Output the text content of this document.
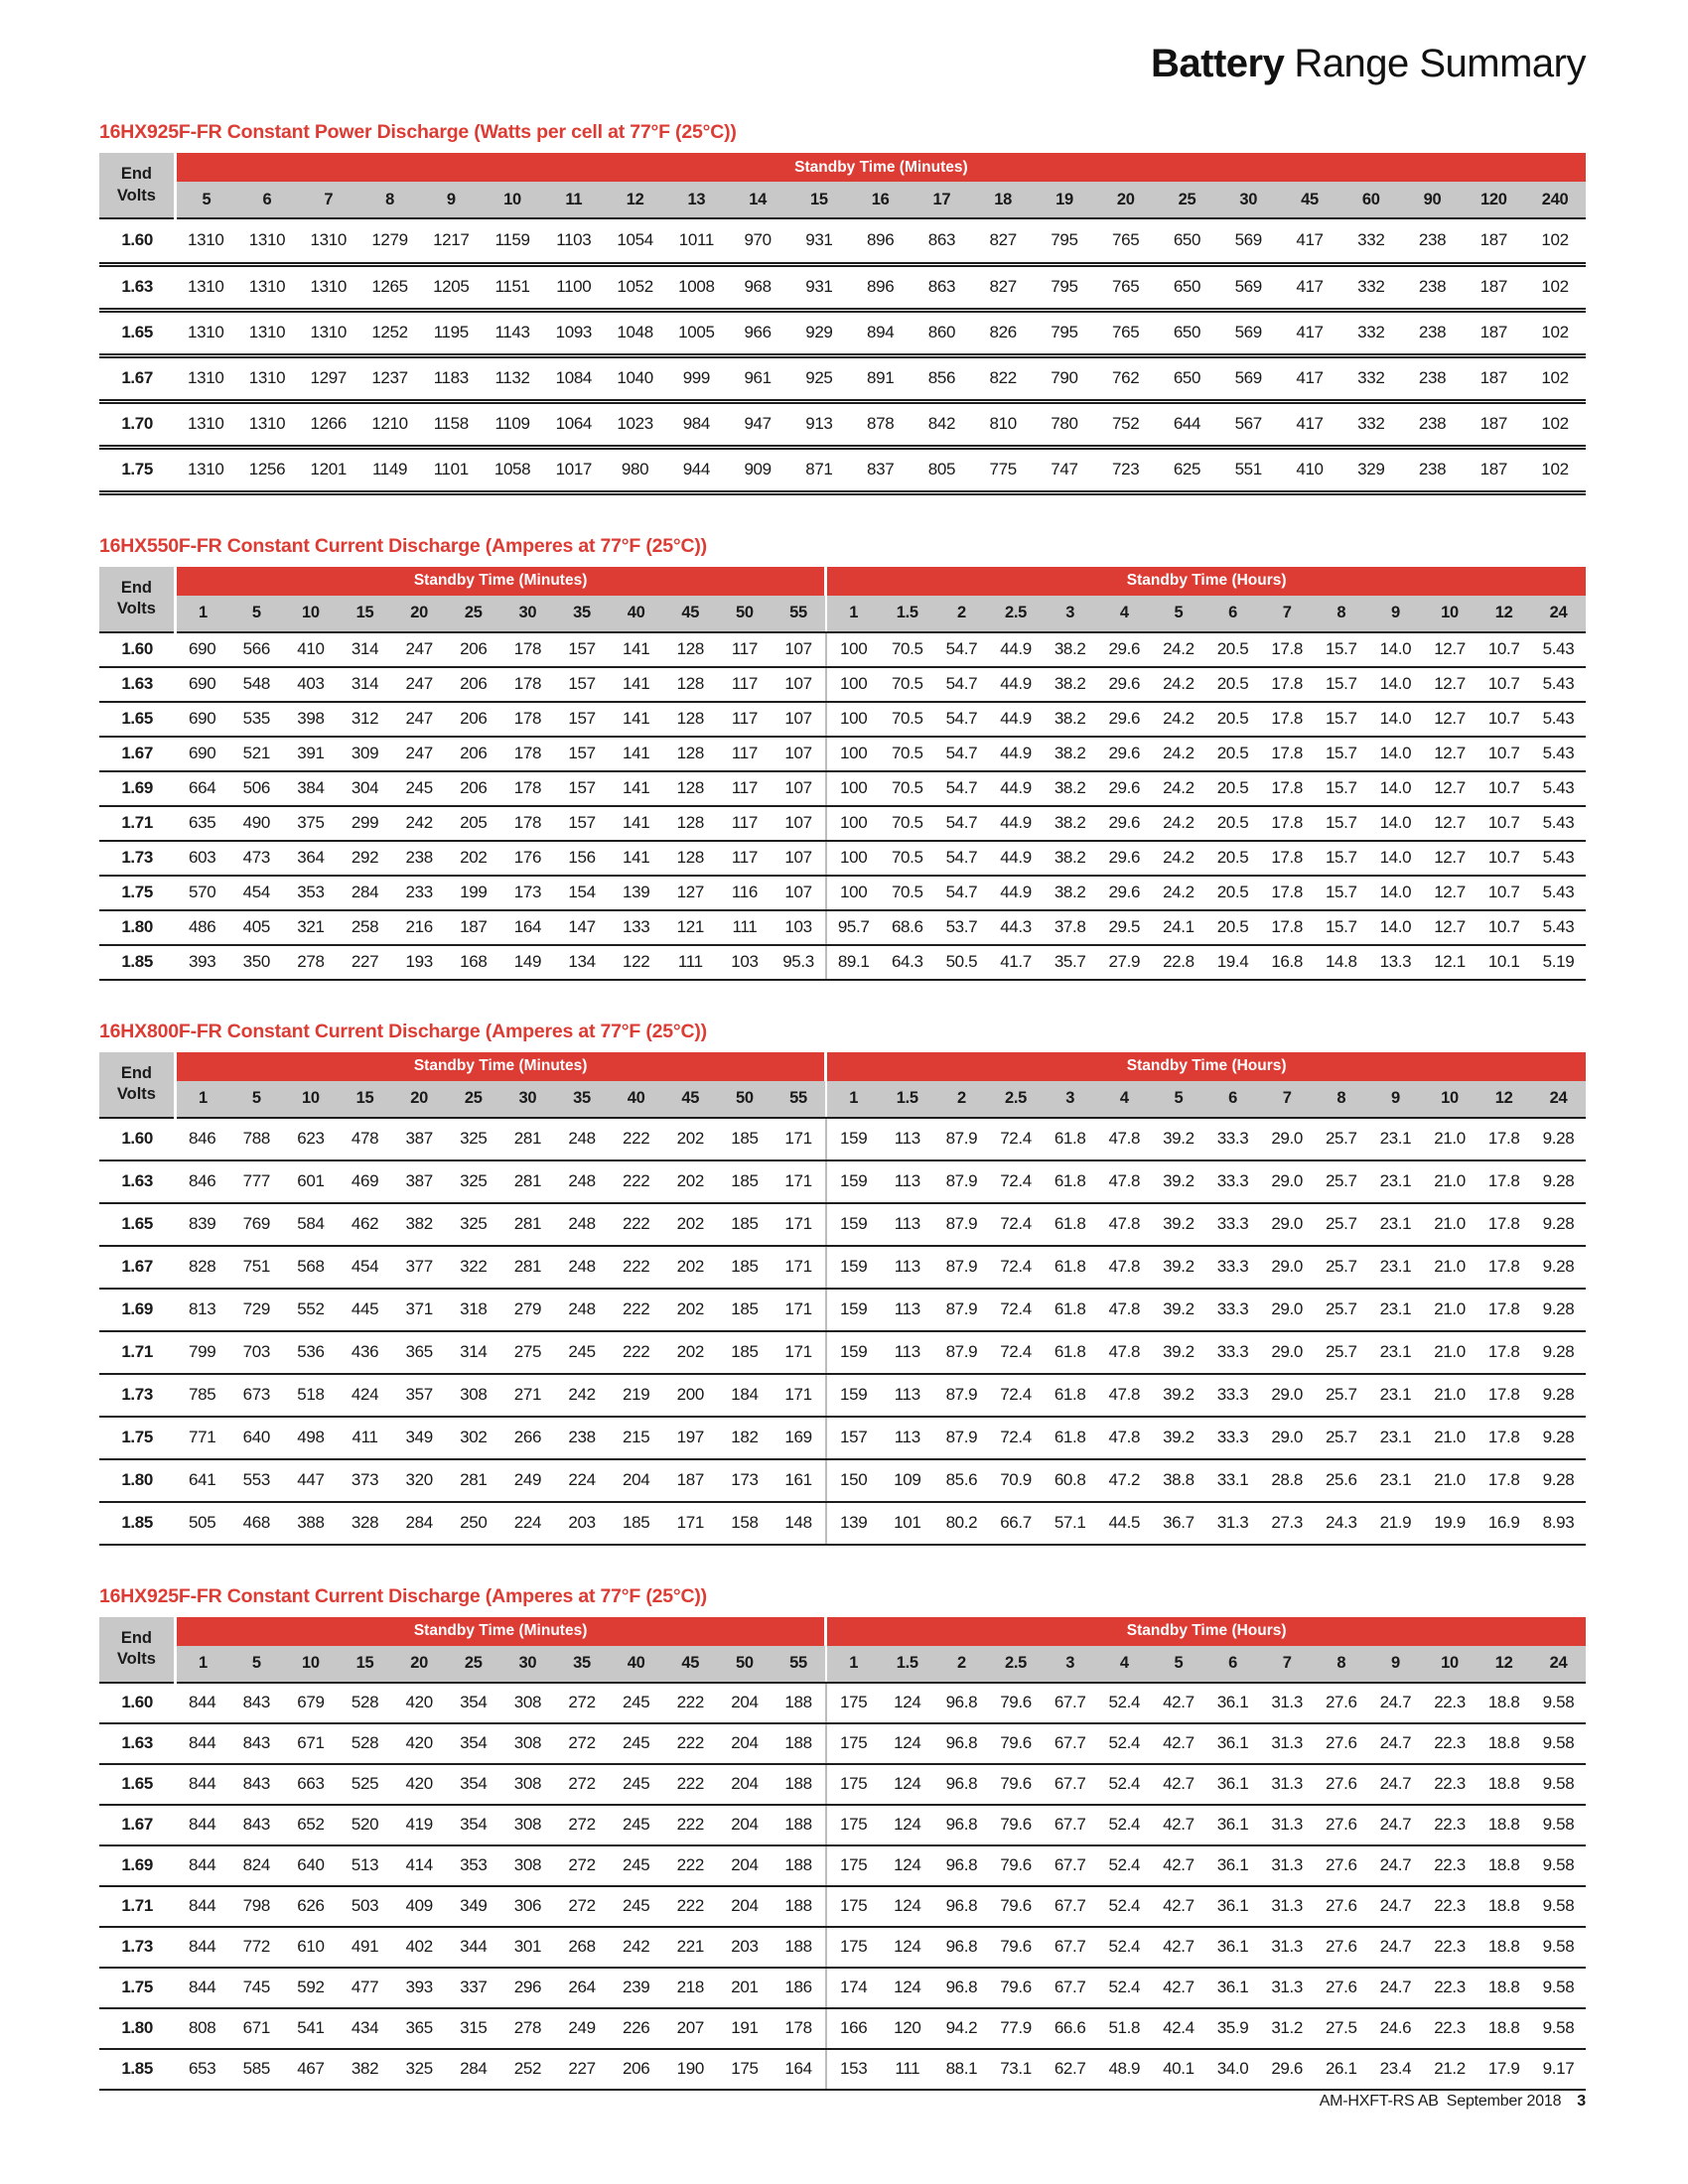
Battery Range Summary
16HX925F-FR Constant Power Discharge (Watts per cell at 77°F (25°C))
End
Volts	Standby Time (Minutes)																						
	5	6	7	8	9	10	11	12	13	14	15	16	17	18	19	20	25	30	45	60	90	120	240
1.60	1310	1310	1310	1279	1217	1159	1103	1054	1011	970	931	896	863	827	795	765	650	569	417	332	238	187	102
1.63	1310	1310	1310	1265	1205	1151	1100	1052	1008	968	931	896	863	827	795	765	650	569	417	332	238	187	102
1.65	1310	1310	1310	1252	1195	1143	1093	1048	1005	966	929	894	860	826	795	765	650	569	417	332	238	187	102
1.67	1310	1310	1297	1237	1183	1132	1084	1040	999	961	925	891	856	822	790	762	650	569	417	332	238	187	102
1.70	1310	1310	1266	1210	1158	1109	1064	1023	984	947	913	878	842	810	780	752	644	567	417	332	238	187	102
1.75	1310	1256	1201	1149	1101	1058	1017	980	944	909	871	837	805	775	747	723	625	551	410	329	238	187	102
16HX550F-FR Constant Current Discharge (Amperes at 77°F (25°C))
End
Volts	Standby Time (Minutes)												Standby Time (Hours)													
	1	5	10	15	20	25	30	35	40	45	50	55	1	1.5	2	2.5	3	4	5	6	7	8	9	10	12	24
1.60	690	566	410	314	247	206	178	157	141	128	117	107	100	70.5	54.7	44.9	38.2	29.6	24.2	20.5	17.8	15.7	14.0	12.7	10.7	5.43
1.63	690	548	403	314	247	206	178	157	141	128	117	107	100	70.5	54.7	44.9	38.2	29.6	24.2	20.5	17.8	15.7	14.0	12.7	10.7	5.43
1.65	690	535	398	312	247	206	178	157	141	128	117	107	100	70.5	54.7	44.9	38.2	29.6	24.2	20.5	17.8	15.7	14.0	12.7	10.7	5.43
1.67	690	521	391	309	247	206	178	157	141	128	117	107	100	70.5	54.7	44.9	38.2	29.6	24.2	20.5	17.8	15.7	14.0	12.7	10.7	5.43
1.69	664	506	384	304	245	206	178	157	141	128	117	107	100	70.5	54.7	44.9	38.2	29.6	24.2	20.5	17.8	15.7	14.0	12.7	10.7	5.43
1.71	635	490	375	299	242	205	178	157	141	128	117	107	100	70.5	54.7	44.9	38.2	29.6	24.2	20.5	17.8	15.7	14.0	12.7	10.7	5.43
1.73	603	473	364	292	238	202	176	156	141	128	117	107	100	70.5	54.7	44.9	38.2	29.6	24.2	20.5	17.8	15.7	14.0	12.7	10.7	5.43
1.75	570	454	353	284	233	199	173	154	139	127	116	107	100	70.5	54.7	44.9	38.2	29.6	24.2	20.5	17.8	15.7	14.0	12.7	10.7	5.43
1.80	486	405	321	258	216	187	164	147	133	121	111	103	95.7	68.6	53.7	44.3	37.8	29.5	24.1	20.5	17.8	15.7	14.0	12.7	10.7	5.43
1.85	393	350	278	227	193	168	149	134	122	111	103	95.3	89.1	64.3	50.5	41.7	35.7	27.9	22.8	19.4	16.8	14.8	13.3	12.1	10.1	5.19
16HX800F-FR Constant Current Discharge (Amperes at 77°F (25°C))
End
Volts	Standby Time (Minutes)												Standby Time (Hours)													
	1	5	10	15	20	25	30	35	40	45	50	55	1	1.5	2	2.5	3	4	5	6	7	8	9	10	12	24
1.60	846	788	623	478	387	325	281	248	222	202	185	171	159	113	87.9	72.4	61.8	47.8	39.2	33.3	29.0	25.7	23.1	21.0	17.8	9.28
1.63	846	777	601	469	387	325	281	248	222	202	185	171	159	113	87.9	72.4	61.8	47.8	39.2	33.3	29.0	25.7	23.1	21.0	17.8	9.28
1.65	839	769	584	462	382	325	281	248	222	202	185	171	159	113	87.9	72.4	61.8	47.8	39.2	33.3	29.0	25.7	23.1	21.0	17.8	9.28
1.67	828	751	568	454	377	322	281	248	222	202	185	171	159	113	87.9	72.4	61.8	47.8	39.2	33.3	29.0	25.7	23.1	21.0	17.8	9.28
1.69	813	729	552	445	371	318	279	248	222	202	185	171	159	113	87.9	72.4	61.8	47.8	39.2	33.3	29.0	25.7	23.1	21.0	17.8	9.28
1.71	799	703	536	436	365	314	275	245	222	202	185	171	159	113	87.9	72.4	61.8	47.8	39.2	33.3	29.0	25.7	23.1	21.0	17.8	9.28
1.73	785	673	518	424	357	308	271	242	219	200	184	171	159	113	87.9	72.4	61.8	47.8	39.2	33.3	29.0	25.7	23.1	21.0	17.8	9.28
1.75	771	640	498	411	349	302	266	238	215	197	182	169	157	113	87.9	72.4	61.8	47.8	39.2	33.3	29.0	25.7	23.1	21.0	17.8	9.28
1.80	641	553	447	373	320	281	249	224	204	187	173	161	150	109	85.6	70.9	60.8	47.2	38.8	33.1	28.8	25.6	23.1	21.0	17.8	9.28
1.85	505	468	388	328	284	250	224	203	185	171	158	148	139	101	80.2	66.7	57.1	44.5	36.7	31.3	27.3	24.3	21.9	19.9	16.9	8.93
16HX925F-FR Constant Current Discharge (Amperes at 77°F (25°C))
End
Volts	Standby Time (Minutes)												Standby Time (Hours)													
	1	5	10	15	20	25	30	35	40	45	50	55	1	1.5	2	2.5	3	4	5	6	7	8	9	10	12	24
1.60	844	843	679	528	420	354	308	272	245	222	204	188	175	124	96.8	79.6	67.7	52.4	42.7	36.1	31.3	27.6	24.7	22.3	18.8	9.58
1.63	844	843	671	528	420	354	308	272	245	222	204	188	175	124	96.8	79.6	67.7	52.4	42.7	36.1	31.3	27.6	24.7	22.3	18.8	9.58
1.65	844	843	663	525	420	354	308	272	245	222	204	188	175	124	96.8	79.6	67.7	52.4	42.7	36.1	31.3	27.6	24.7	22.3	18.8	9.58
1.67	844	843	652	520	419	354	308	272	245	222	204	188	175	124	96.8	79.6	67.7	52.4	42.7	36.1	31.3	27.6	24.7	22.3	18.8	9.58
1.69	844	824	640	513	414	353	308	272	245	222	204	188	175	124	96.8	79.6	67.7	52.4	42.7	36.1	31.3	27.6	24.7	22.3	18.8	9.58
1.71	844	798	626	503	409	349	306	272	245	222	204	188	175	124	96.8	79.6	67.7	52.4	42.7	36.1	31.3	27.6	24.7	22.3	18.8	9.58
1.73	844	772	610	491	402	344	301	268	242	221	203	188	175	124	96.8	79.6	67.7	52.4	42.7	36.1	31.3	27.6	24.7	22.3	18.8	9.58
1.75	844	745	592	477	393	337	296	264	239	218	201	186	174	124	96.8	79.6	67.7	52.4	42.7	36.1	31.3	27.6	24.7	22.3	18.8	9.58
1.80	808	671	541	434	365	315	278	249	226	207	191	178	166	120	94.2	77.9	66.6	51.8	42.4	35.9	31.2	27.5	24.6	22.3	18.8	9.58
1.85	653	585	467	382	325	284	252	227	206	190	175	164	153	111	88.1	73.1	62.7	48.9	40.1	34.0	29.6	26.1	23.4	21.2	17.9	9.17
AM-HXFT-RS AB September 2018 3
